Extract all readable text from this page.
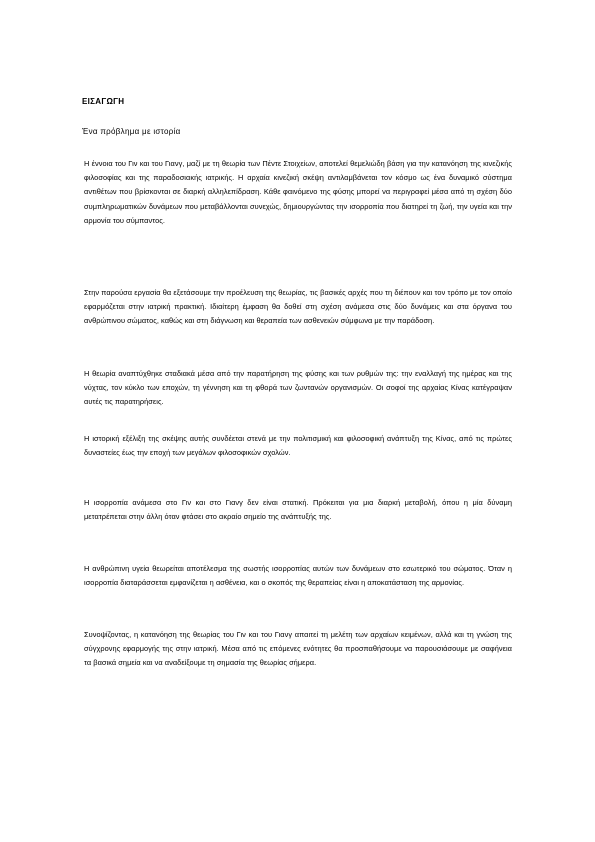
ΕΙΣΑΓΩΓΗ
Ένα πρόβλημα με ιστορία

Η έννοια του Γιν και του Γιανγ, μαζί με τη θεωρία των Πέντε Στοιχείων, αποτελεί θεμελιώδη βάση για την κατανόηση της κινεζικής φιλοσοφίας και της παραδοσιακής ιατρικής. Η αρχαία κινεζική σκέψη αντιλαμβάνεται τον κόσμο ως ένα δυναμικό σύστημα αντιθέτων που βρίσκονται σε διαρκή αλληλεπίδραση. Κάθε φαινόμενο της φύσης μπορεί να περιγραφεί μέσα από τη σχέση δύο συμπληρωματικών δυνάμεων που μεταβάλλονται συνεχώς, δημιουργώντας την ισορροπία που διατηρεί τη ζωή, την υγεία και την αρμονία του σύμπαντος.

Στην παρούσα εργασία θα εξετάσουμε την προέλευση της θεωρίας, τις βασικές αρχές που τη διέπουν και τον τρόπο με τον οποίο εφαρμόζεται στην ιατρική πρακτική. Ιδιαίτερη έμφαση θα δοθεί στη σχέση ανάμεσα στις δύο δυνάμεις και στα όργανα του ανθρώπινου σώματος, καθώς και στη διάγνωση και θεραπεία των ασθενειών σύμφωνα με την παράδοση.

Η θεωρία αναπτύχθηκε σταδιακά μέσα από την παρατήρηση της φύσης και των ρυθμών της: την εναλλαγή της ημέρας και της νύχτας, τον κύκλο των εποχών, τη γέννηση και τη φθορά των ζωντανών οργανισμών. Οι σοφοί της αρχαίας Κίνας κατέγραψαν αυτές τις παρατηρήσεις.

Η ιστορική εξέλιξη της σκέψης αυτής συνδέεται στενά με την πολιτισμική και φιλοσοφική ανάπτυξη της Κίνας, από τις πρώτες δυναστείες έως την εποχή των μεγάλων φιλοσοφικών σχολών.

Η ισορροπία ανάμεσα στο Γιν και στο Γιανγ δεν είναι στατική. Πρόκειται για μια διαρκή μεταβολή, όπου η μία δύναμη μετατρέπεται στην άλλη όταν φτάσει στο ακραίο σημείο της ανάπτυξής της.

Η ανθρώπινη υγεία θεωρείται αποτέλεσμα της σωστής ισορροπίας αυτών των δυνάμεων στο εσωτερικό του σώματος. Όταν η ισορροπία διαταράσσεται εμφανίζεται η ασθένεια, και ο σκοπός της θεραπείας είναι η αποκατάσταση της αρμονίας.

Συνοψίζοντας, η κατανόηση της θεωρίας του Γιν και του Γιανγ απαιτεί τη μελέτη των αρχαίων κειμένων, αλλά και τη γνώση της σύγχρονης εφαρμογής της στην ιατρική. Μέσα από τις επόμενες ενότητες θα προσπαθήσουμε να παρουσιάσουμε με σαφήνεια τα βασικά σημεία και να αναδείξουμε τη σημασία της θεωρίας σήμερα.
